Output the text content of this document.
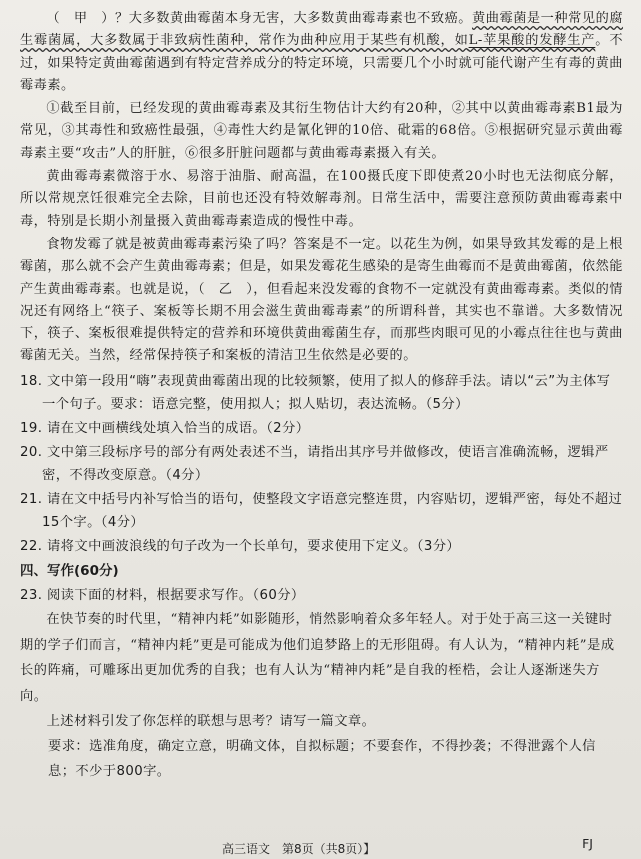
（　甲　）？大多数黄曲霉菌本身无害，大多数黄曲霉毒素也不致癌。黄曲霉菌是一种常见的腐生霉菌属，大多数属于非致病性菌种，常作为曲种应用于某些有机酸，如L-苹果酸的发酵生产。不过，如果特定黄曲霉菌遇到有特定营养成分的特定环境，只需要几个小时就可能代谢产生有毒的黄曲霉毒素。

①截至目前，已经发现的黄曲霉毒素及其衍生物估计大约有20种，②其中以黄曲霉毒素B1最为常见，③其毒性和致癌性最强，④毒性大约是氰化钾的10倍、砒霜的68倍。⑤根据研究显示黄曲霉毒素主要“攻击”人的肝脏，⑥很多肝脏问题都与黄曲霉毒素摄入有关。

黄曲霉毒素微溶于水、易溶于油脂、耐高温，在100摄氏度下即使煮20小时也无法彻底分解，所以常规烹饪很难完全去除，目前也还没有特效解毒剂。日常生活中，需要注意预防黄曲霉毒素中毒，特别是长期小剂量摄入黄曲霉毒素造成的慢性中毒。

食物发霉了就是被黄曲霉毒素污染了吗？答案是不一定。以花生为例，如果导致其发霉的是上根霉菌，那么就不会产生黄曲霉毒素；但是，如果发霉花生感染的是寄生曲霉而不是黄曲霉菌，依然能产生黄曲霉毒素。也就是说，（　乙　），但看起来没发霉的食物不一定就没有黄曲霉毒素。类似的情况还有网络上“筷子、案板等长期不用会滋生黄曲霉毒素”的所谓科普，其实也不靠谱。大多数情况下，筷子、案板很难提供特定的营养和环境供黄曲霉菌生存，而那些肉眼可见的小霉点往往也与黄曲霉菌无关。当然，经常保持筷子和案板的清洁卫生依然是必要的。

18. 文中第一段用“嗨”表现黄曲霉菌出现的比较频繁，使用了拟人的修辞手法。请以“云”为主体写一个句子。要求：语意完整，使用拟人；拟人贴切，表达流畅。（5分）

19. 请在文中画横线处填入恰当的成语。（2分）

20. 文中第三段标序号的部分有两处表述不当，请指出其序号并做修改，使语言准确流畅，逻辑严密，不得改变原意。（4分）

21. 请在文中括号内补写恰当的语句，使整段文字语意完整连贯，内容贴切，逻辑严密，每处不超过15个字。（4分）

22. 请将文中画波浪线的句子改为一个长单句，要求使用下定义。（3分）

四、写作(60分)

23. 阅读下面的材料，根据要求写作。（60分）

在快节奏的时代里，“精神内耗”如影随形，悄然影响着众多年轻人。对于处于高三这一关键时期的学子们而言，“精神内耗”更是可能成为他们追梦路上的无形阻碍。有人认为，“精神内耗”是成长的阵痛，可雕琢出更加优秀的自我；也有人认为“精神内耗”是自我的桎梏，会让人逐渐迷失方向。

上述材料引发了你怎样的联想与思考？请写一篇文章。

要求：选准角度，确定立意，明确文体，自拟标题；不要套作，不得抄袭；不得泄露个人信息；不少于800字。

高三语文　第8页（共8页）】	FJ
